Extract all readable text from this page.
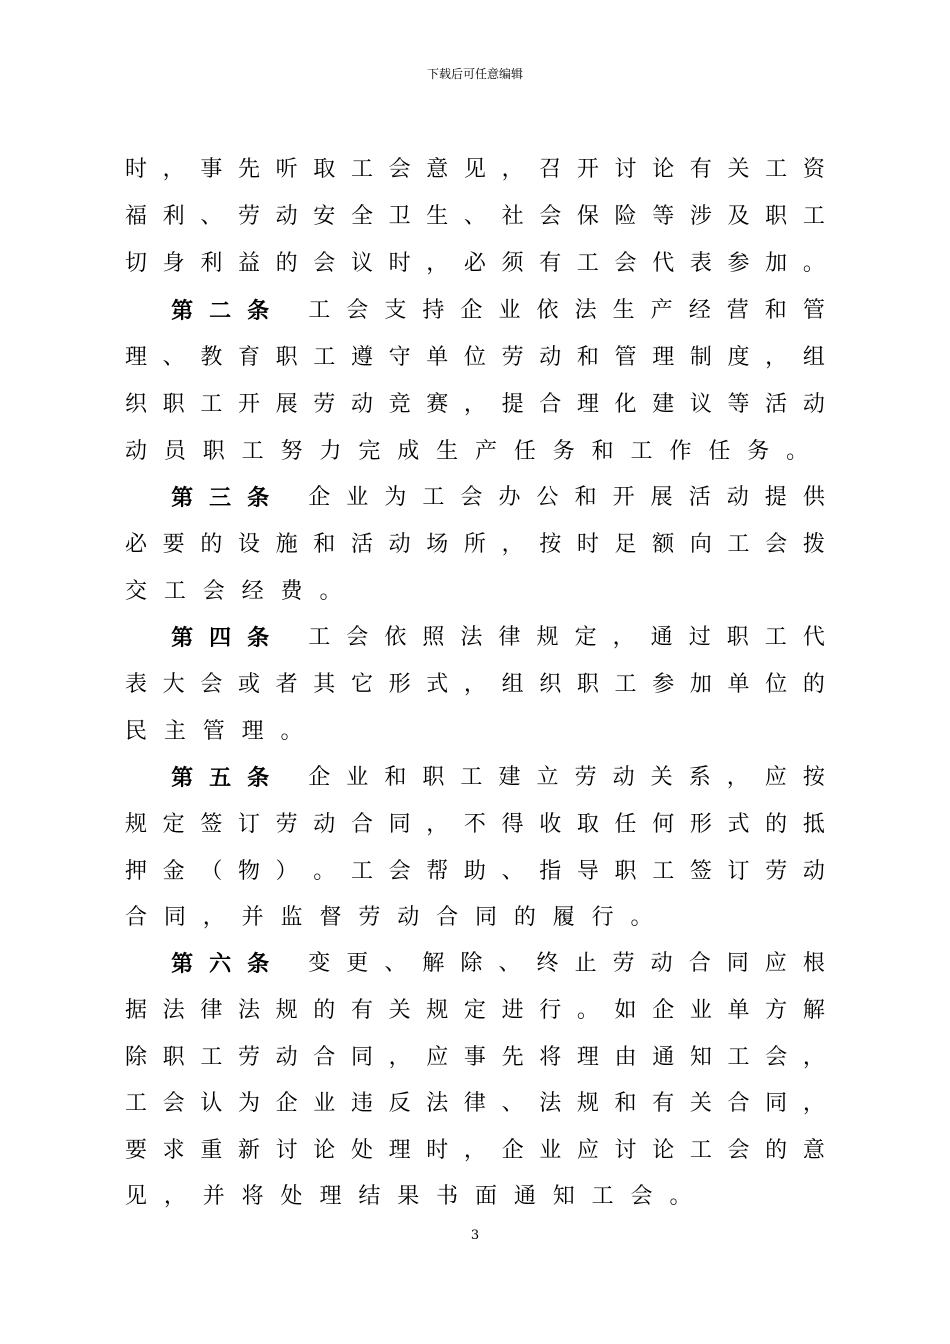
下载后可任意编辑
时 ， 事 先 听 取 工 会 意 见 ， 召 开 讨 论 有 关 工 资
福 利 、 劳 动 安 全 卫 生 、 社 会 保 险 等 涉 及 职 工
切 身 利 益 的 会 议 时 ， 必 须 有 工 会 代 表 参 加 。

第 二 条
工 会 支 持 企 业 依 法 生 产 经 营 和 管
理 、 教 育 职 工 遵 守 单 位 劳 动 和 管 理 制 度 ， 组
织 职 工 开 展 劳 动 竞 赛 ， 提 合 理 化 建 议 等 活 动
动 员 职 工 努 力 完 成 生 产 任 务 和 工 作 任 务 。

第 三 条
企 业 为 工 会 办 公 和 开 展 活 动 提 供
必 要 的 设 施 和 活 动 场 所 ， 按 时 足 额 向 工 会 拨
交 工 会 经 费 。

第 四 条
工 会 依 照 法 律 规 定 ， 通 过 职 工 代
表 大 会 或 者 其 它 形 式 ， 组 织 职 工 参 加 单 位 的
民 主 管 理 。

第 五 条
企 业 和 职 工 建 立 劳 动 关 系 ， 应 按
规 定 签 订 劳 动 合 同 ， 不 得 收 取 任 何 形 式 的 抵
押 金 （ 物 ） 。 工 会 帮 助 、 指 导 职 工 签 订 劳 动
合 同 ， 并 监 督 劳 动 合 同 的 履 行 。

第 六 条
变 更 、 解 除 、 终 止 劳 动 合 同 应 根
据 法 律 法 规 的 有 关 规 定 进 行 。 如 企 业 单 方 解
除 职 工 劳 动 合 同 ， 应 事 先 将 理 由 通 知 工 会 ，
工 会 认 为 企 业 违 反 法 律 、 法 规 和 有 关 合 同 ，
要 求 重 新 讨 论 处 理 时 ， 企 业 应 讨 论 工 会 的 意
见 ， 并 将 处 理 结 果 书 面 通 知 工 会 。
3
